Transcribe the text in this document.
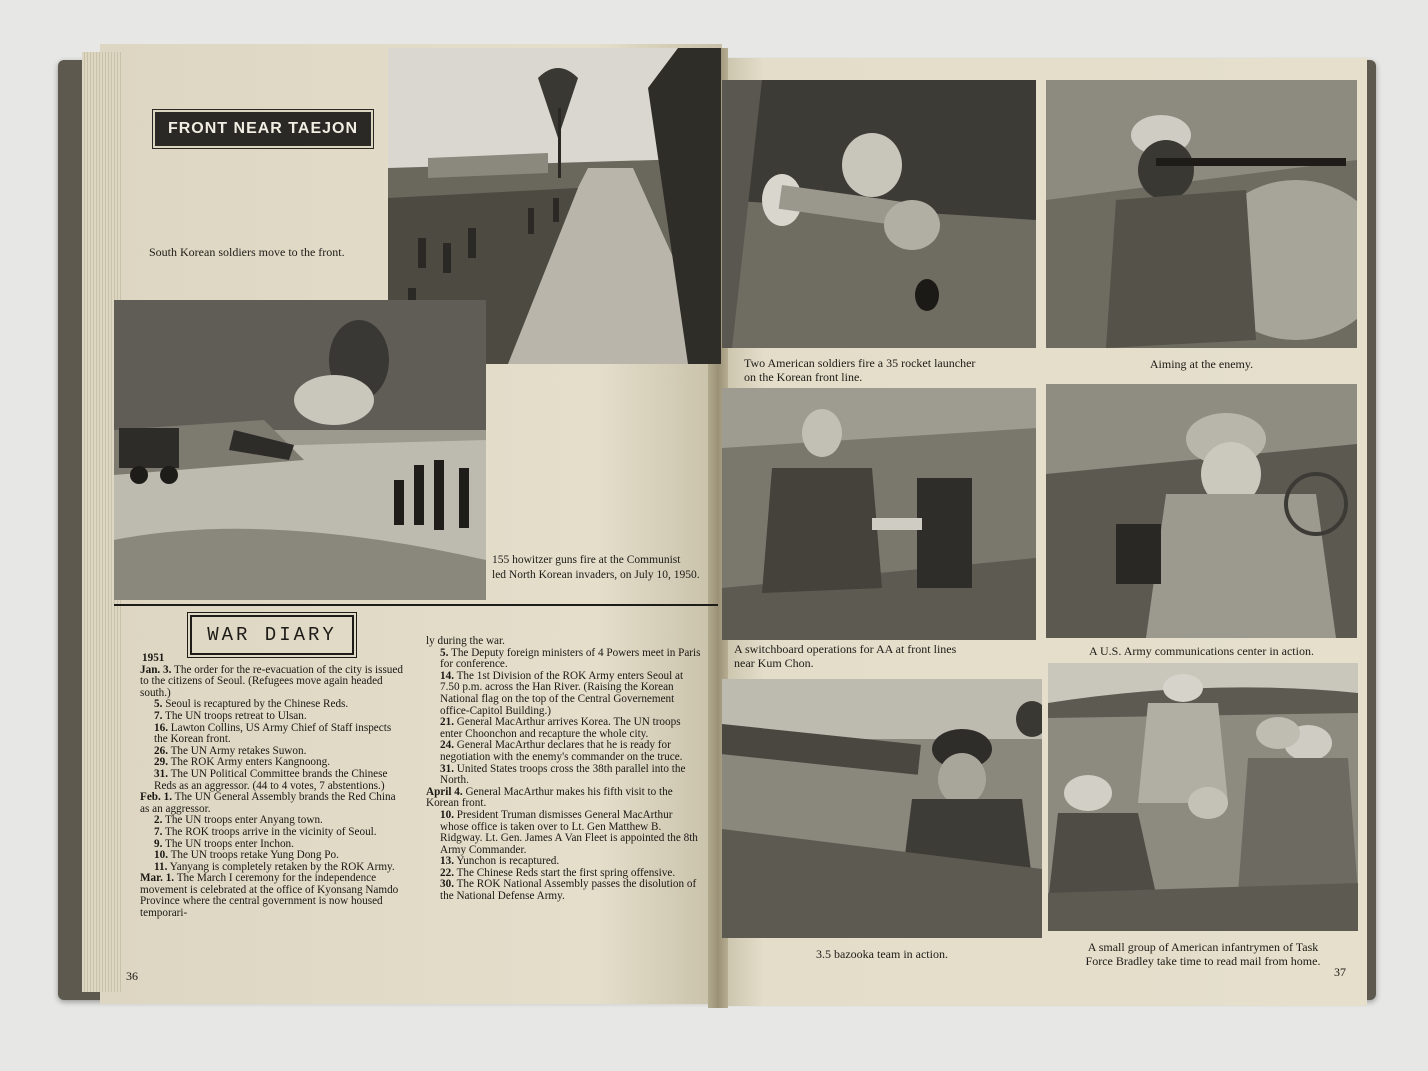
FRONT NEAR TAEJON
South Korean soldiers move to the front.
155 howitzer guns fire at the Communist
led North Korean invaders, on July 10, 1950.
WAR DIARY

1951

Jan. 3. The order for the re-evacuation of the city is issued to the citizens of Seoul. (Refugees move again headed south.)

5. Seoul is recaptured by the Chinese Reds.

7. The UN troops retreat to Ulsan.

16. Lawton Collins, US Army Chief of Staff inspects the Korean front.

26. The UN Army retakes Suwon.

29. The ROK Army enters Kangnoong.

31. The UN Political Committee brands the Chinese Reds as an aggressor. (44 to 4 votes, 7 abstentions.)

Feb. 1. The UN General Assembly brands the Red China as an aggressor.

2. The UN troops enter Anyang town.

7. The ROK troops arrive in the vicinity of Seoul.

9. The UN troops enter Inchon.

10. The UN troops retake Yung Dong Po.

11. Yanyang is completely retaken by the ROK Army.

Mar. 1. The March I ceremony for the independence movement is celebrated at the office of Kyonsang Namdo Province where the central government is now housed temporari-

ly during the war.

5. The Deputy foreign ministers of 4 Powers meet in Paris for conference.

14. The 1st Division of the ROK Army enters Seoul at 7.50 p.m. across the Han River. (Raising the Korean National flag on the top of the Central Governement office-Capitol Building.)

21. General MacArthur arrives Korea. The UN troops enter Choonchon and recapture the whole city.

24. General MacArthur declares that he is ready for negotiation with the enemy's commander on the truce.

31. United States troops cross the 38th parallel into the North.

April 4. General MacArthur makes his fifth visit to the Korean front.

10. President Truman dismisses General MacArthur whose office is taken over to Lt. Gen Matthew B. Ridgway. Lt. Gen. James A Van Fleet is appointed the 8th Army Commander.

13. Yunchon is recaptured.

22. The Chinese Reds start the first spring offensive.

30. The ROK National Assembly passes the disolution of the National Defense Army.

36
Two American soldiers fire a 35 rocket launcher
on the Korean front line.
Aiming at the enemy.
A switchboard operations for AA at front lines
near Kum Chon.
A U.S. Army communications center in action.
3.5 bazooka team in action.	A small group of American infantrymen of Task
Force Bradley take time to read mail from home.
37
